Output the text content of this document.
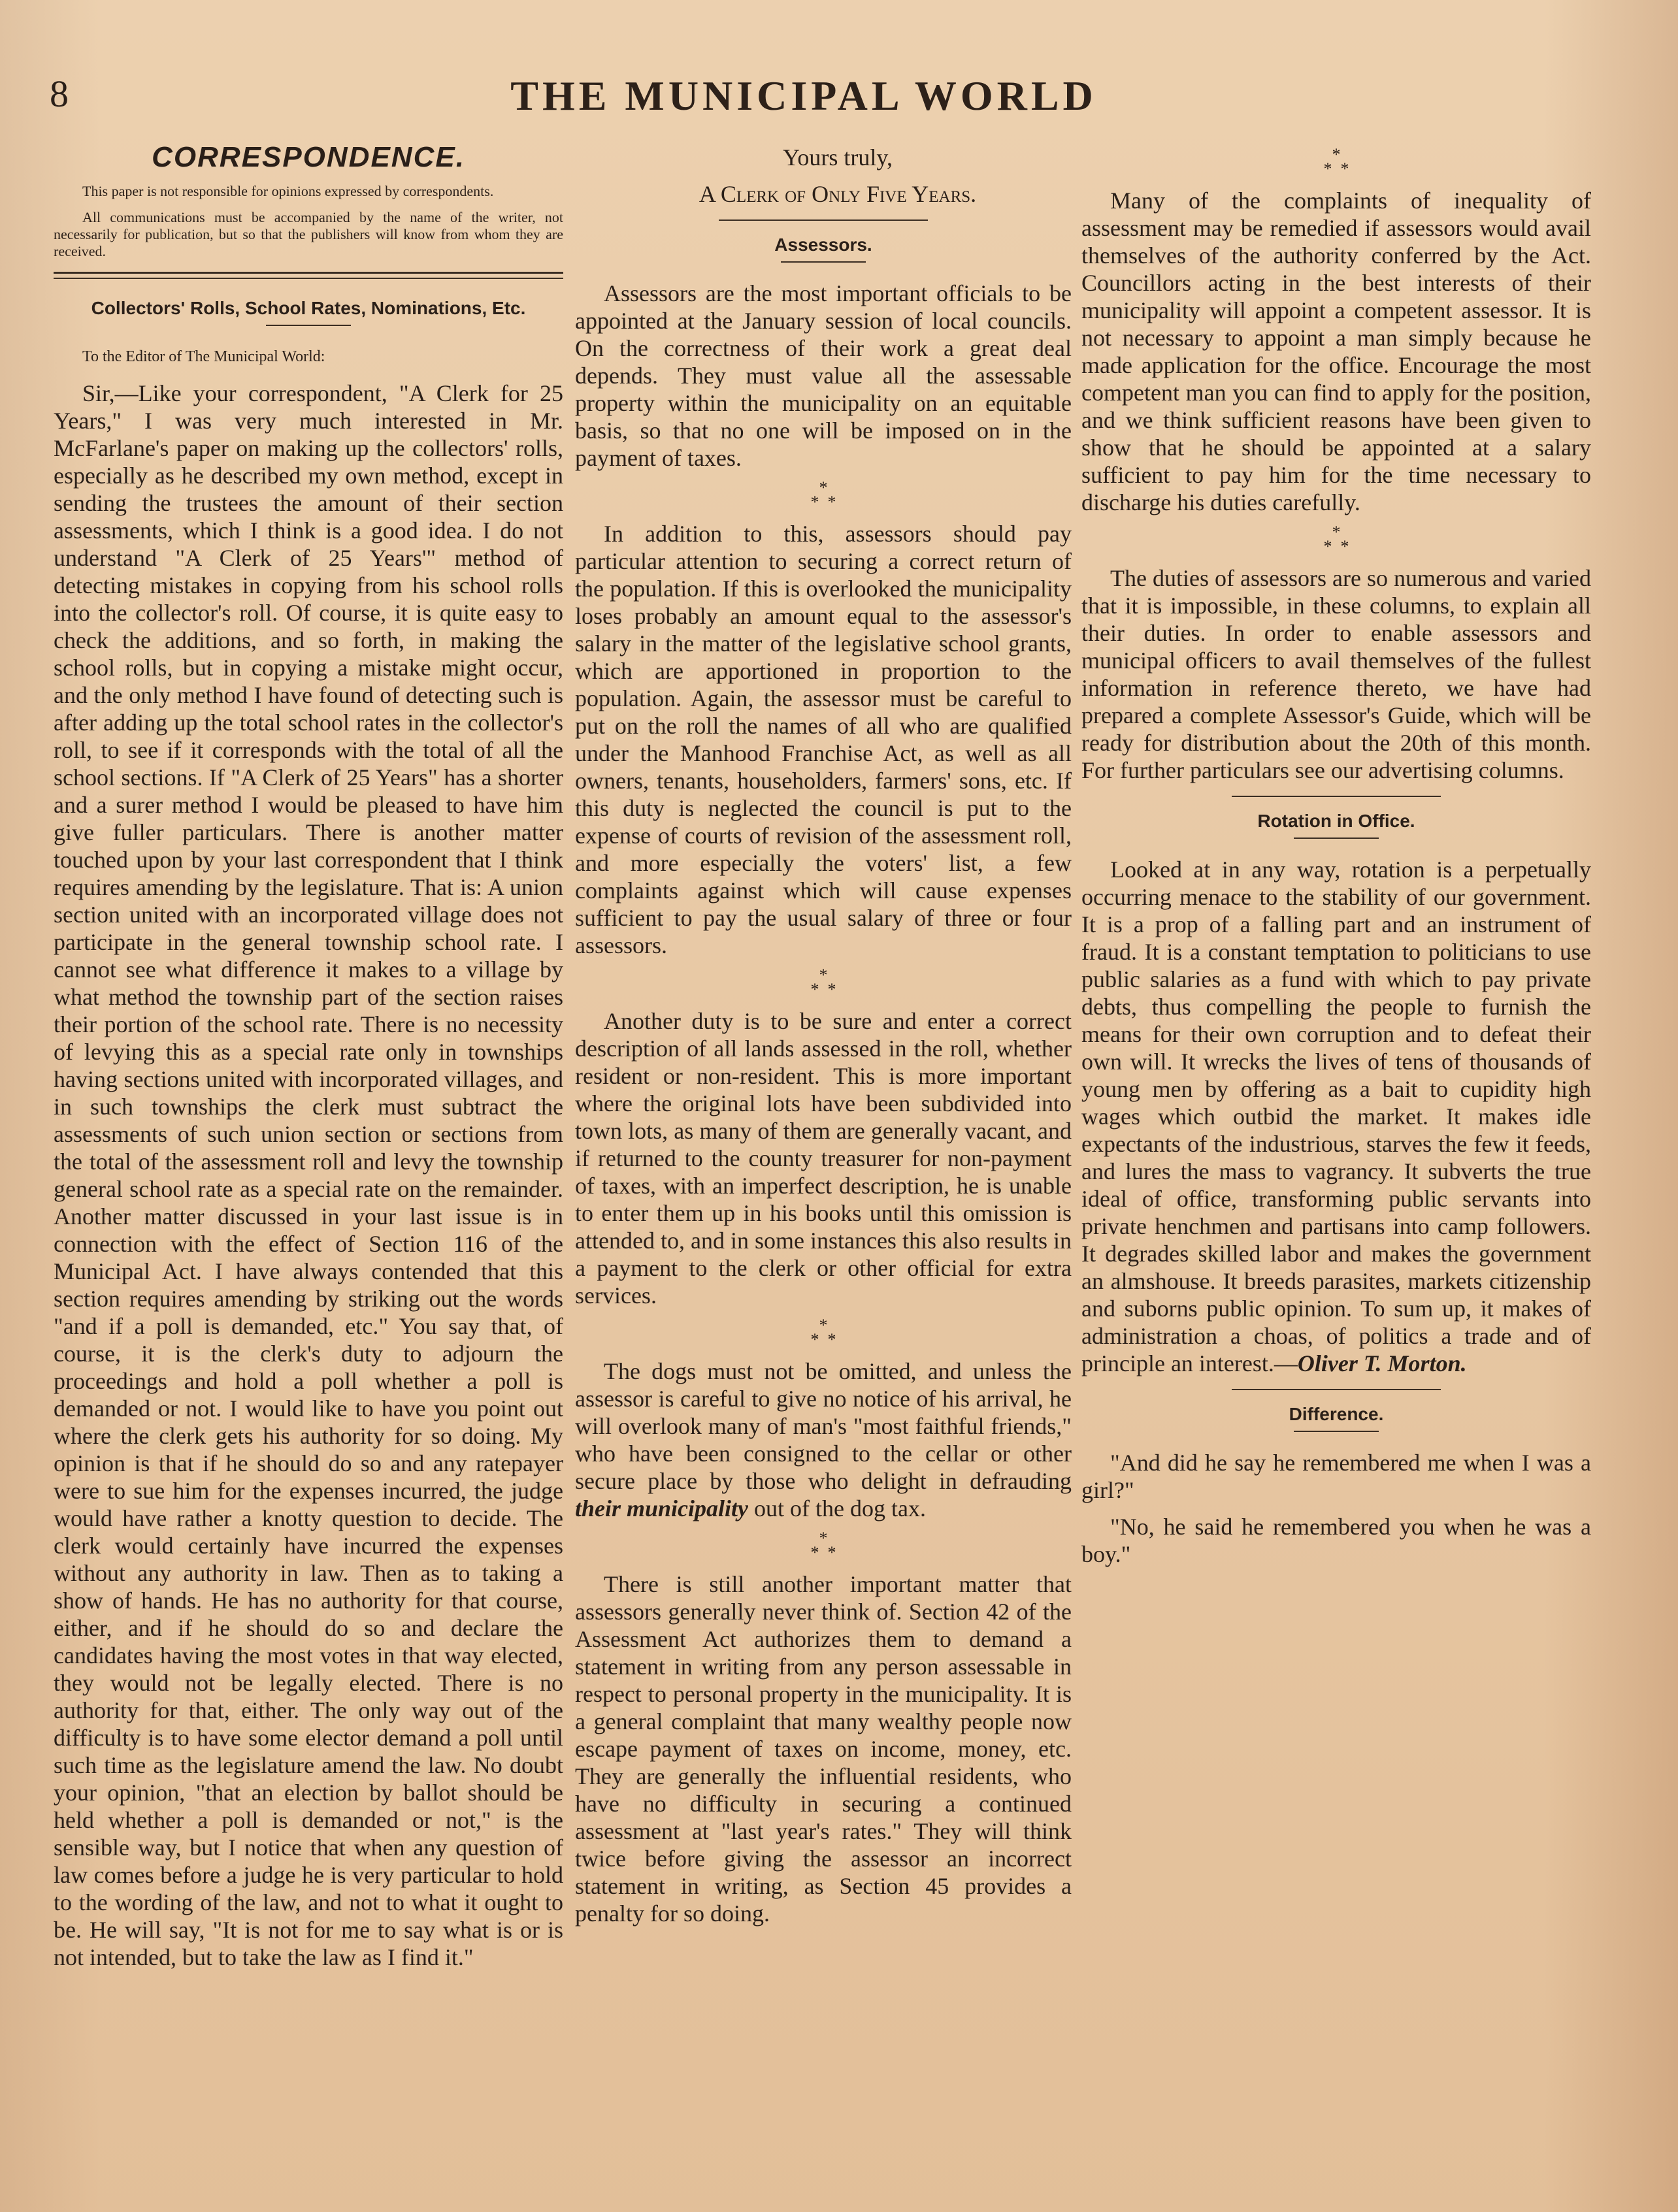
8	THE MUNICIPAL WORLD
CORRESPONDENCE.

This paper is not responsible for opinions expressed by correspondents.

All communications must be accompanied by the name of the writer, not necessarily for publication, but so that the publishers will know from whom they are received.

Collectors' Rolls, School Rates, Nominations, Etc.

To the Editor of The Municipal World:

Sir,—Like your correspondent, "A Clerk for 25 Years," I was very much interested in Mr. McFarlane's paper on making up the collectors' rolls, especially as he described my own method, except in sending the trustees the amount of their section assessments, which I think is a good idea. I do not understand "A Clerk of 25 Years'" method of detecting mistakes in copying from his school rolls into the collector's roll. Of course, it is quite easy to check the additions, and so forth, in making the school rolls, but in copying a mistake might occur, and the only method I have found of detecting such is after adding up the total school rates in the collector's roll, to see if it corresponds with the total of all the school sections. If "A Clerk of 25 Years" has a shorter and a surer method I would be pleased to have him give fuller particulars. There is another matter touched upon by your last correspondent that I think requires amending by the legislature. That is: A union section united with an incorporated village does not participate in the general township school rate. I cannot see what difference it makes to a village by what method the township part of the section raises their portion of the school rate. There is no necessity of levying this as a special rate only in townships having sections united with incorporated villages, and in such townships the clerk must subtract the assessments of such union section or sections from the total of the assessment roll and levy the township general school rate as a special rate on the remainder. Another matter discussed in your last issue is in connection with the effect of Section 116 of the Municipal Act. I have always contended that this section requires amending by striking out the words "and if a poll is demanded, etc." You say that, of course, it is the clerk's duty to adjourn the proceedings and hold a poll whether a poll is demanded or not. I would like to have you point out where the clerk gets his authority for so doing. My opinion is that if he should do so and any ratepayer were to sue him for the expenses incurred, the judge would have rather a knotty question to decide. The clerk would certainly have incurred the expenses without any authority in law. Then as to taking a show of hands. He has no authority for that course, either, and if he should do so and declare the candidates having the most votes in that way elected, they would not be legally elected. There is no authority for that, either. The only way out of the difficulty is to have some elector demand a poll until such time as the legislature amend the law. No doubt your opinion, "that an election by ballot should be held whether a poll is demanded or not," is the sensible way, but I notice that when any question of law comes before a judge he is very particular to hold to the wording of the law, and not to what it ought to be. He will say, "It is not for me to say what is or is not intended, but to take the law as I find it."

Yours truly,

A Clerk of Only Five Years.

Assessors.

Assessors are the most important officials to be appointed at the January session of local councils. On the correctness of their work a great deal depends. They must value all the assessable property within the municipality on an equitable basis, so that no one will be imposed on in the payment of taxes.

*
*  *

In addition to this, assessors should pay particular attention to securing a correct return of the population. If this is overlooked the municipality loses probably an amount equal to the assessor's salary in the matter of the legislative school grants, which are apportioned in proportion to the population. Again, the assessor must be careful to put on the roll the names of all who are qualified under the Manhood Franchise Act, as well as all owners, tenants, householders, farmers' sons, etc. If this duty is neglected the council is put to the expense of courts of revision of the assessment roll, and more especially the voters' list, a few complaints against which will cause expenses sufficient to pay the usual salary of three or four assessors.

*
*  *

Another duty is to be sure and enter a correct description of all lands assessed in the roll, whether resident or non-resident. This is more important where the original lots have been subdivided into town lots, as many of them are generally vacant, and if returned to the county treasurer for non-payment of taxes, with an imperfect description, he is unable to enter them up in his books until this omission is attended to, and in some instances this also results in a payment to the clerk or other official for extra services.

*
*  *

The dogs must not be omitted, and unless the assessor is careful to give no notice of his arrival, he will overlook many of man's "most faithful friends," who have been consigned to the cellar or other secure place by those who delight in defrauding their municipality out of the dog tax.

*
*  *

There is still another important matter that assessors generally never think of. Section 42 of the Assessment Act authorizes them to demand a statement in writing from any person assessable in respect to personal property in the municipality. It is a general complaint that many wealthy people now escape payment of taxes on income, money, etc. They are generally the influential residents, who have no difficulty in securing a continued assessment at "last year's rates." They will think twice before giving the assessor an incorrect statement in writing, as Section 45 provides a penalty for so doing.

*
*  *

Many of the complaints of inequality of assessment may be remedied if assessors would avail themselves of the authority conferred by the Act. Councillors acting in the best interests of their municipality will appoint a competent assessor. It is not necessary to appoint a man simply because he made application for the office. Encourage the most competent man you can find to apply for the position, and we think sufficient reasons have been given to show that he should be appointed at a salary sufficient to pay him for the time necessary to discharge his duties carefully.

*
*  *

The duties of assessors are so numerous and varied that it is impossible, in these columns, to explain all their duties. In order to enable assessors and municipal officers to avail themselves of the fullest information in reference thereto, we have had prepared a complete Assessor's Guide, which will be ready for distribution about the 20th of this month. For further particulars see our advertising columns.

Rotation in Office.

Looked at in any way, rotation is a perpetually occurring menace to the stability of our government. It is a prop of a falling part and an instrument of fraud. It is a constant temptation to politicians to use public salaries as a fund with which to pay private debts, thus compelling the people to furnish the means for their own corruption and to defeat their own will. It wrecks the lives of tens of thousands of young men by offering as a bait to cupidity high wages which outbid the market. It makes idle expectants of the industrious, starves the few it feeds, and lures the mass to vagrancy. It subverts the true ideal of office, transforming public servants into private henchmen and partisans into camp followers. It degrades skilled labor and makes the government an almshouse. It breeds parasites, markets citizenship and suborns public opinion. To sum up, it makes of administration a choas, of politics a trade and of principle an interest.—Oliver T. Morton.

Difference.

"And did he say he remembered me when I was a girl?"

"No, he said he remembered you when he was a boy."
